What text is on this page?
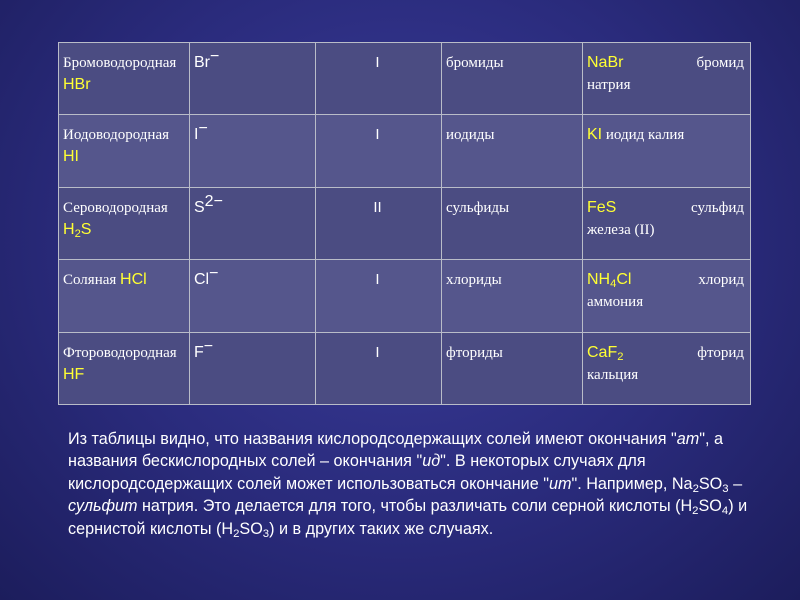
Бромоводородная HBr	Br−	I	бромиды	NaBr бромид
натрия
Иодоводородная HI	I−	I	иодиды	KI иодид калия
Сероводородная $H_2S$	$S^{2-}$	II	сульфиды	FeS сульфид
железа (II)
Соляная HCl	Cl−	I	хлориды	$NH_4Cl$ хлорид
аммония
Фтороводородная HF	F−	I	фториды	CaF$_2$ фторид
кальция
Из таблицы видно, что названия кислородсодержащих солей имеют окончания "ат", а названия бескислородных солей – окончания "ид". В некоторых случаях для кислородсодержащих солей может использоваться окончание "ит". Например, $Na_2SO_3$ – сульфит натрия. Это делается для того, чтобы различать соли серной кислоты $(H_2SO_4)$ и сернистой кислоты $(H_2SO_3)$ и в других таких же случаях.
